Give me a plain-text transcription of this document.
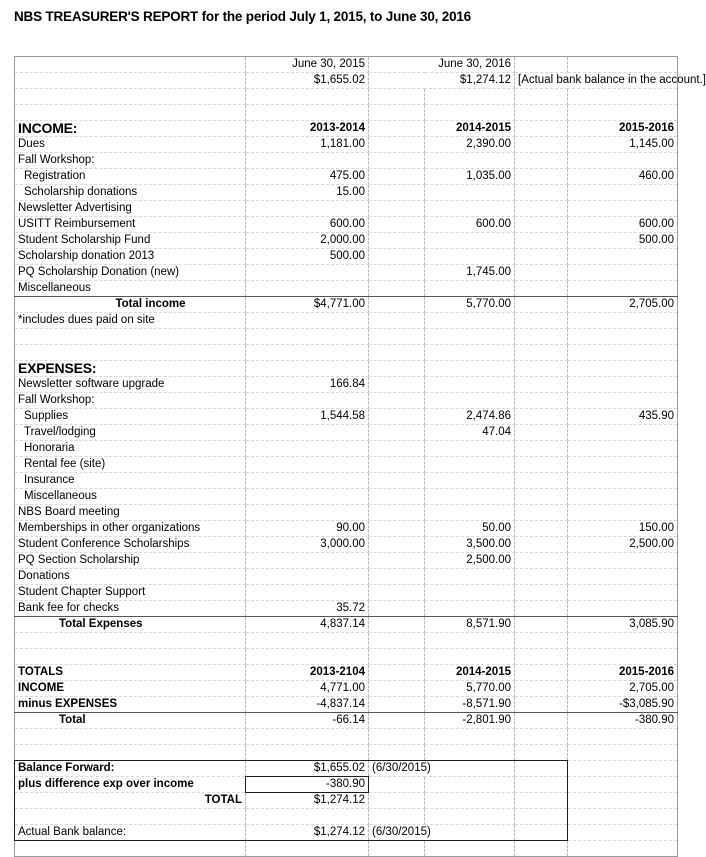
NBS TREASURER'S REPORT for the period July 1, 2015, to June 30, 2016
	June 30, 2015	June 30, 2016			
	$1,655.02	$1,274.12		[Actual bank balance in the account.]	

INCOME:	2013-2014		2014-2015		2015-2016
Dues	1,181.00		2,390.00		1,145.00
Fall Workshop:					
Registration	475.00		1,035.00		460.00
Scholarship donations	15.00				
Newsletter Advertising					
USITT Reimbursement	600.00		600.00		600.00
Student Scholarship Fund	2,000.00				500.00
Scholarship donation 2013	500.00				
PQ Scholarship Donation (new)			1,745.00		
Miscellaneous					
Total income	$4,771.00		5,770.00		2,705.00
*includes dues paid on site					

EXPENSES:					
Newsletter software upgrade	166.84				
Fall Workshop:					
Supplies	1,544.58		2,474.86		435.90
Travel/lodging			47.04		
Honoraria					
Rental fee (site)					
Insurance					
Miscellaneous					
NBS Board meeting					
Memberships in other organizations	90.00		50.00		150.00
Student Conference Scholarships	3,000.00		3,500.00		2,500.00
PQ Section Scholarship			2,500.00		
Donations					
Student Chapter Support					
Bank fee for checks	35.72				
Total Expenses	4,837.14		8,571.90		3,085.90

TOTALS	2013-2104		2014-2015		2015-2016
INCOME	4,771.00		5,770.00		2,705.00
minus EXPENSES	-4,837.14		-8,571.90		-$3,085.90
Total	-66.14		-2,801.90		-380.90

Balance Forward:	$1,655.02	(6/30/2015)			
plus difference exp over income	-380.90				
TOTAL	$1,274.12				

Actual Bank balance:	$1,274.12	(6/30/2015)			
